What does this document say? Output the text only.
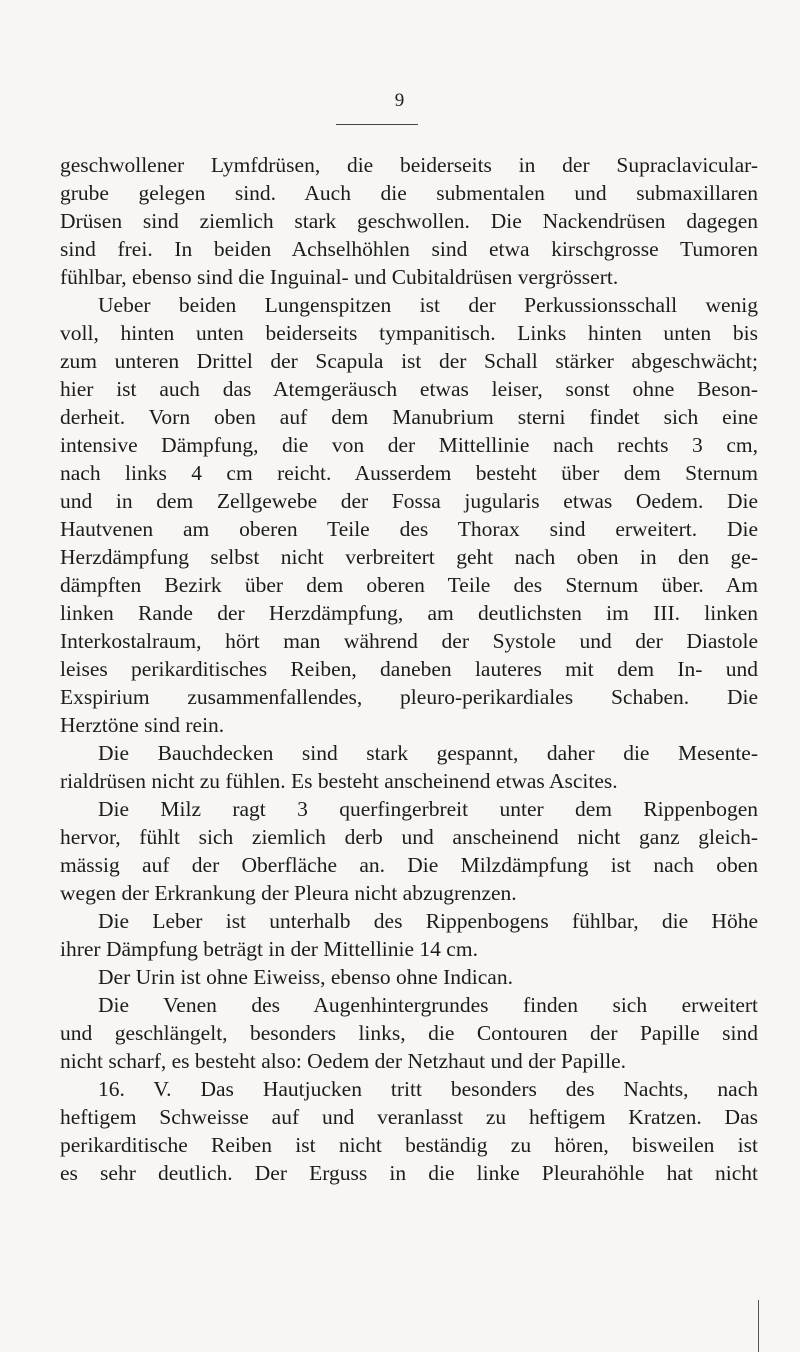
9
geschwollener Lymfdrüsen, die beiderseits in der Supraclavicular-
grube gelegen sind. Auch die submentalen und submaxillaren
Drüsen sind ziemlich stark geschwollen. Die Nackendrüsen dagegen
sind frei. In beiden Achselhöhlen sind etwa kirschgrosse Tumoren
fühlbar, ebenso sind die Inguinal- und Cubitaldrüsen vergrössert.
Ueber beiden Lungenspitzen ist der Perkussionsschall wenig
voll, hinten unten beiderseits tympanitisch. Links hinten unten bis
zum unteren Drittel der Scapula ist der Schall stärker abgeschwächt;
hier ist auch das Atemgeräusch etwas leiser, sonst ohne Beson-
derheit. Vorn oben auf dem Manubrium sterni findet sich eine
intensive Dämpfung, die von der Mittellinie nach rechts 3 cm,
nach links 4 cm reicht. Ausserdem besteht über dem Sternum
und in dem Zellgewebe der Fossa jugularis etwas Oedem. Die
Hautvenen am oberen Teile des Thorax sind erweitert. Die
Herzdämpfung selbst nicht verbreitert geht nach oben in den ge-
dämpften Bezirk über dem oberen Teile des Sternum über. Am
linken Rande der Herzdämpfung, am deutlichsten im III. linken
Interkostalraum, hört man während der Systole und der Diastole
leises perikarditisches Reiben, daneben lauteres mit dem In- und
Exspirium zusammenfallendes, pleuro-perikardiales Schaben. Die
Herztöne sind rein.
Die Bauchdecken sind stark gespannt, daher die Mesente-
rialdrüsen nicht zu fühlen. Es besteht anscheinend etwas Ascites.
Die Milz ragt 3 querfingerbreit unter dem Rippenbogen
hervor, fühlt sich ziemlich derb und anscheinend nicht ganz gleich-
mässig auf der Oberfläche an. Die Milzdämpfung ist nach oben
wegen der Erkrankung der Pleura nicht abzugrenzen.
Die Leber ist unterhalb des Rippenbogens fühlbar, die Höhe
ihrer Dämpfung beträgt in der Mittellinie 14 cm.
Der Urin ist ohne Eiweiss, ebenso ohne Indican.
Die Venen des Augenhintergrundes finden sich erweitert
und geschlängelt, besonders links, die Contouren der Papille sind
nicht scharf, es besteht also: Oedem der Netzhaut und der Papille.
16. V. Das Hautjucken tritt besonders des Nachts, nach
heftigem Schweisse auf und veranlasst zu heftigem Kratzen. Das
perikarditische Reiben ist nicht beständig zu hören, bisweilen ist
es sehr deutlich. Der Erguss in die linke Pleurahöhle hat nicht
